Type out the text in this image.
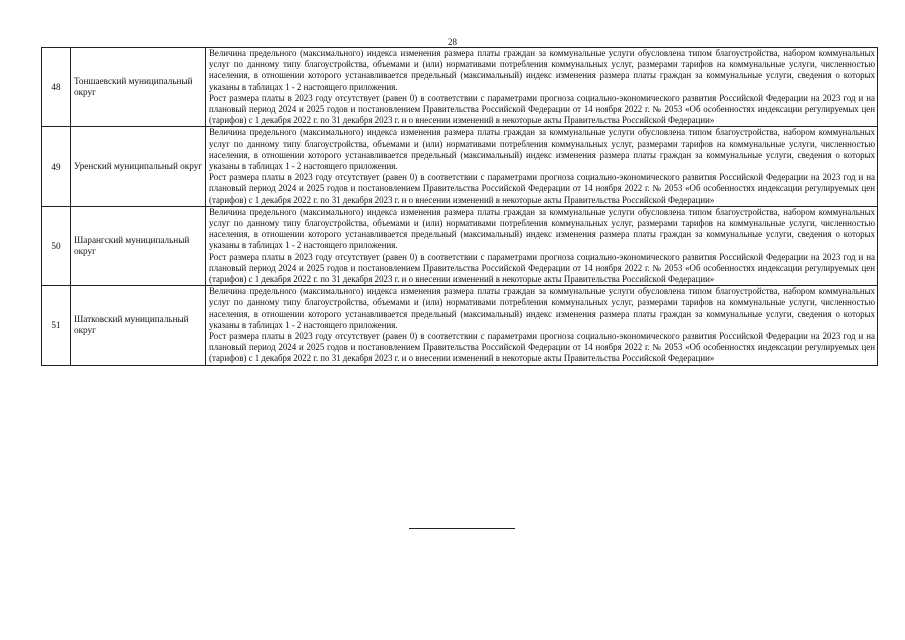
28
48	Тоншаевский муниципальный округ	Величина предельного (максимального) индекса изменения размера платы граждан за коммунальные услуги обусловлена типом благоустройства, набором коммунальных услуг по данному типу благоустройства, объемами и (или) нормативами потребления коммунальных услуг, размерами тарифов на коммунальные услуги, численностью населения, в отношении которого устанавливается предельный (максимальный) индекс изменения размера платы граждан за коммунальные услуги, сведения о которых указаны в таблицах 1 - 2 настоящего приложения.

Рост размера платы в 2023 году отсутствует (равен 0) в соответствии с параметрами прогноза социально-экономического развития Российской Федерации на 2023 год и на плановый период 2024 и 2025 годов и постановлением Правительства Российской Федерации от 14 ноября 2022 г. № 2053 «Об особенностях индексации регулируемых цен (тарифов) с 1 декабря 2022 г. по 31 декабря 2023 г. и о внесении изменений в некоторые акты Правительства Российской Федерации»

49	Уренский муниципальный округ	Величина предельного (максимального) индекса изменения размера платы граждан за коммунальные услуги обусловлена типом благоустройства, набором коммунальных услуг по данному типу благоустройства, объемами и (или) нормативами потребления коммунальных услуг, размерами тарифов на коммунальные услуги, численностью населения, в отношении которого устанавливается предельный (максимальный) индекс изменения размера платы граждан за коммунальные услуги, сведения о которых указаны в таблицах 1 - 2 настоящего приложения.

Рост размера платы в 2023 году отсутствует (равен 0) в соответствии с параметрами прогноза социально-экономического развития Российской Федерации на 2023 год и на плановый период 2024 и 2025 годов и постановлением Правительства Российской Федерации от 14 ноября 2022 г. № 2053 «Об особенностях индексации регулируемых цен (тарифов) с 1 декабря 2022 г. по 31 декабря 2023 г. и о внесении изменений в некоторые акты Правительства Российской Федерации»

50	Шарангский муниципальный округ	Величина предельного (максимального) индекса изменения размера платы граждан за коммунальные услуги обусловлена типом благоустройства, набором коммунальных услуг по данному типу благоустройства, объемами и (или) нормативами потребления коммунальных услуг, размерами тарифов на коммунальные услуги, численностью населения, в отношении которого устанавливается предельный (максимальный) индекс изменения размера платы граждан за коммунальные услуги, сведения о которых указаны в таблицах 1 - 2 настоящего приложения.

Рост размера платы в 2023 году отсутствует (равен 0) в соответствии с параметрами прогноза социально-экономического развития Российской Федерации на 2023 год и на плановый период 2024 и 2025 годов и постановлением Правительства Российской Федерации от 14 ноября 2022 г. № 2053 «Об особенностях индексации регулируемых цен (тарифов) с 1 декабря 2022 г. по 31 декабря 2023 г. и о внесении изменений в некоторые акты Правительства Российской Федерации»

51	Шатковский муниципальный округ	Величина предельного (максимального) индекса изменения размера платы граждан за коммунальные услуги обусловлена типом благоустройства, набором коммунальных услуг по данному типу благоустройства, объемами и (или) нормативами потребления коммунальных услуг, размерами тарифов на коммунальные услуги, численностью населения, в отношении которого устанавливается предельный (максимальный) индекс изменения размера платы граждан за коммунальные услуги, сведения о которых указаны в таблицах 1 - 2 настоящего приложения.

Рост размера платы в 2023 году отсутствует (равен 0) в соответствии с параметрами прогноза социально-экономического развития Российской Федерации на 2023 год и на плановый период 2024 и 2025 годов и постановлением Правительства Российской Федерации от 14 ноября 2022 г. № 2053 «Об особенностях индексации регулируемых цен (тарифов) с 1 декабря 2022 г. по 31 декабря 2023 г. и о внесении изменений в некоторые акты Правительства Российской Федерации»
